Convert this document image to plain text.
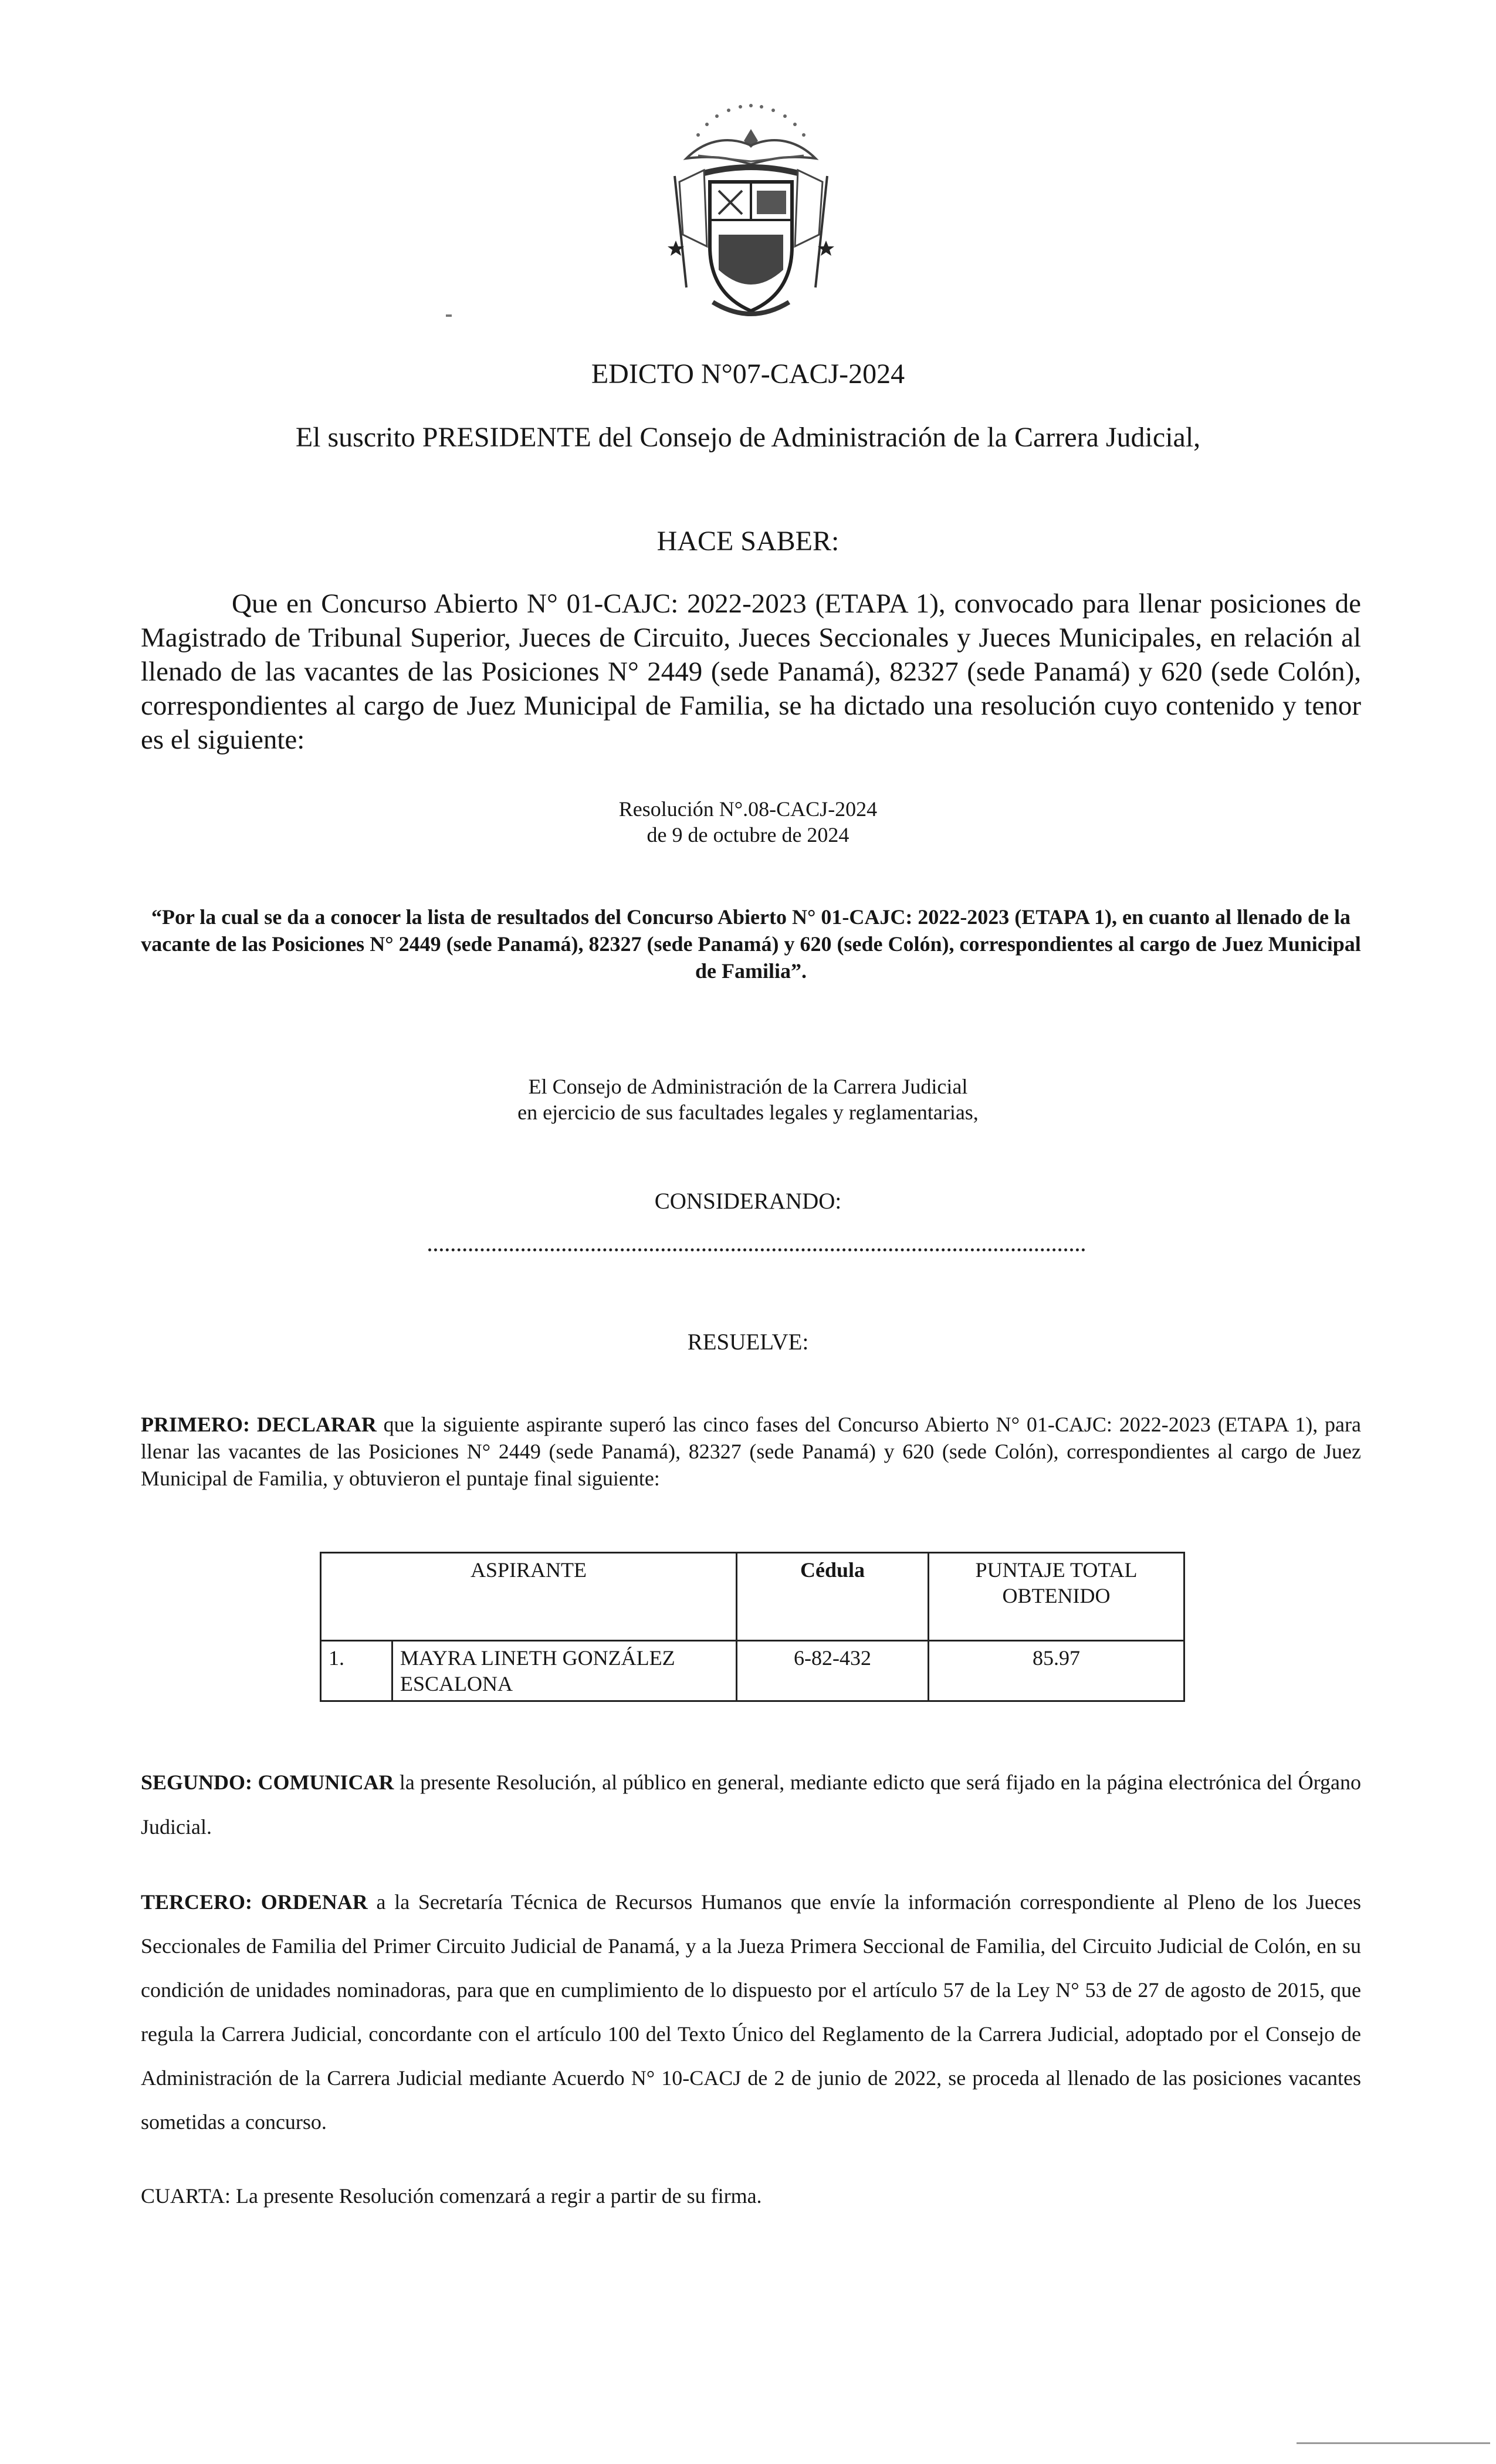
EDICTO N°07-CACJ-2024
El suscrito PRESIDENTE del Consejo de Administración de la Carrera Judicial,
HACE SABER:
Que en Concurso Abierto N° 01-CAJC: 2022-2023 (ETAPA 1), convocado para llenar posiciones de Magistrado de Tribunal Superior, Jueces de Circuito, Jueces Seccionales y Jueces Municipales, en relación al llenado de las vacantes de las Posiciones N° 2449 (sede Panamá), 82327 (sede Panamá) y 620 (sede Colón), correspondientes al cargo de Juez Municipal de Familia, se ha dictado una resolución cuyo contenido y tenor es el siguiente:
Resolución N°.08-CACJ-2024
de 9 de octubre de 2024
“Por la cual se da a conocer la lista de resultados del Concurso Abierto N° 01-CAJC: 2022-2023 (ETAPA 1), en cuanto al llenado de la vacante de las Posiciones N° 2449 (sede Panamá), 82327 (sede Panamá) y 620 (sede Colón), correspondientes al cargo de Juez Municipal de Familia”.
El Consejo de Administración de la Carrera Judicial
en ejercicio de sus facultades legales y reglamentarias,
CONSIDERANDO:
RESUELVE:
PRIMERO: DECLARAR que la siguiente aspirante superó las cinco fases del Concurso Abierto N° 01-CAJC: 2022-2023 (ETAPA 1), para llenar las vacantes de las Posiciones N° 2449 (sede Panamá), 82327 (sede Panamá) y 620 (sede Colón), correspondientes al cargo de Juez Municipal de Familia, y obtuvieron el puntaje final siguiente:
ASPIRANTE		Cédula	PUNTAJE TOTAL OBTENIDO
1.	MAYRA LINETH GONZÁLEZ ESCALONA	6-82-432	85.97
SEGUNDO: COMUNICAR la presente Resolución, al público en general, mediante edicto que será fijado en la página electrónica del Órgano Judicial.
TERCERO: ORDENAR a la Secretaría Técnica de Recursos Humanos que envíe la información correspondiente al Pleno de los Jueces Seccionales de Familia del Primer Circuito Judicial de Panamá, y a la Jueza Primera Seccional de Familia, del Circuito Judicial de Colón, en su condición de unidades nominadoras, para que en cumplimiento de lo dispuesto por el artículo 57 de la Ley N° 53 de 27 de agosto de 2015, que regula la Carrera Judicial, concordante con el artículo 100 del Texto Único del Reglamento de la Carrera Judicial, adoptado por el Consejo de Administración de la Carrera Judicial mediante Acuerdo N° 10-CACJ de 2 de junio de 2022, se proceda al llenado de las posiciones vacantes sometidas a concurso.
CUARTA: La presente Resolución comenzará a regir a partir de su firma.
